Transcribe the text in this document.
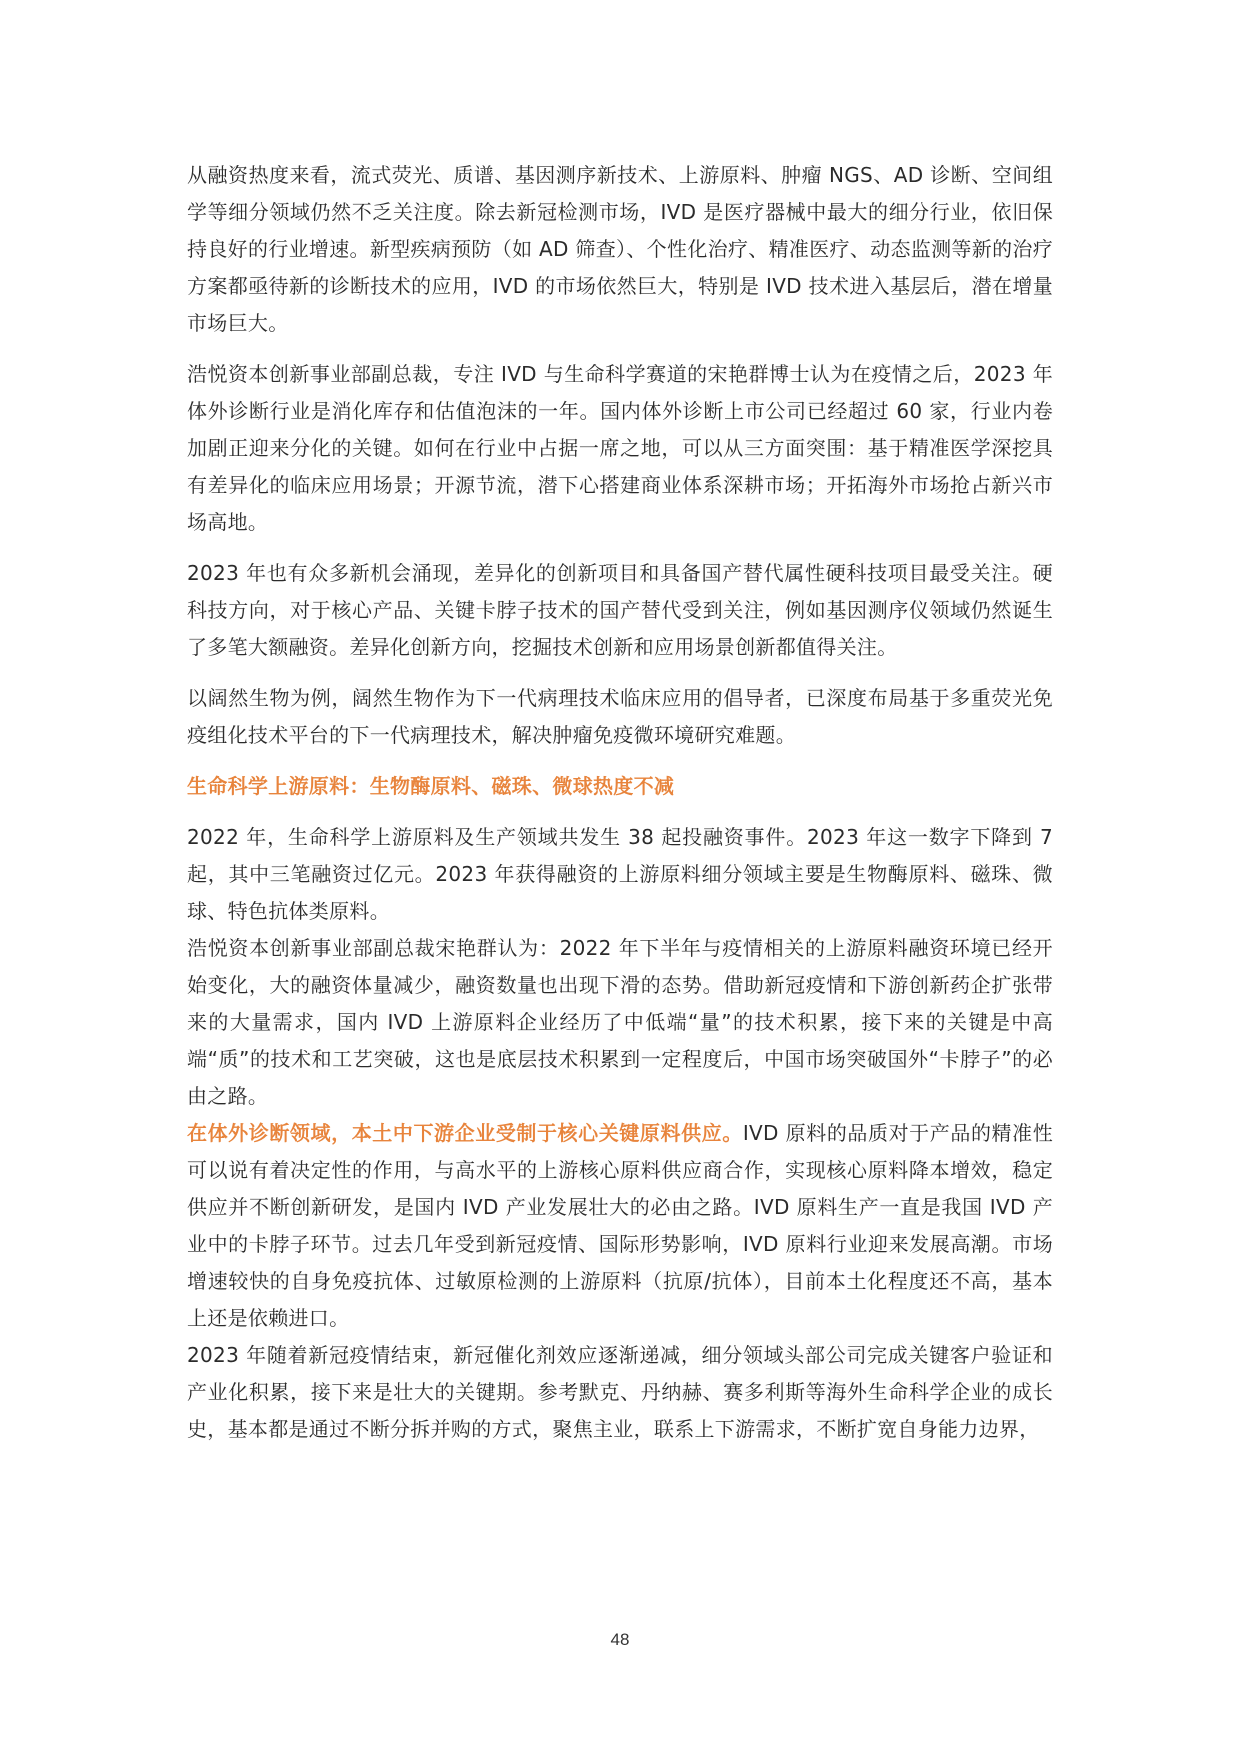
从融资热度来看，流式荧光、质谱、基因测序新技术、上游原料、肿瘤 NGS、AD 诊断、空间组学等细分领域仍然不乏关注度。除去新冠检测市场，IVD 是医疗器械中最大的细分行业，依旧保持良好的行业增速。新型疾病预防（如 AD 筛查）、个性化治疗、精准医疗、动态监测等新的治疗方案都亟待新的诊断技术的应用，IVD 的市场依然巨大，特别是 IVD 技术进入基层后，潜在增量市场巨大。

浩悦资本创新事业部副总裁，专注 IVD 与生命科学赛道的宋艳群博士认为在疫情之后，2023 年体外诊断行业是消化库存和估值泡沫的一年。国内体外诊断上市公司已经超过 60 家，行业内卷加剧正迎来分化的关键。如何在行业中占据一席之地，可以从三方面突围：基于精准医学深挖具有差异化的临床应用场景；开源节流，潜下心搭建商业体系深耕市场；开拓海外市场抢占新兴市场高地。

2023 年也有众多新机会涌现，差异化的创新项目和具备国产替代属性硬科技项目最受关注。硬科技方向，对于核心产品、关键卡脖子技术的国产替代受到关注，例如基因测序仪领域仍然诞生了多笔大额融资。差异化创新方向，挖掘技术创新和应用场景创新都值得关注。

以阔然生物为例，阔然生物作为下一代病理技术临床应用的倡导者，已深度布局基于多重荧光免疫组化技术平台的下一代病理技术，解决肿瘤免疫微环境研究难题。

生命科学上游原料：生物酶原料、磁珠、微球热度不减

2022 年，生命科学上游原料及生产领域共发生 38 起投融资事件。2023 年这一数字下降到 7 起，其中三笔融资过亿元。2023 年获得融资的上游原料细分领域主要是生物酶原料、磁珠、微球、特色抗体类原料。

浩悦资本创新事业部副总裁宋艳群认为：2022 年下半年与疫情相关的上游原料融资环境已经开始变化，大的融资体量减少，融资数量也出现下滑的态势。借助新冠疫情和下游创新药企扩张带来的大量需求，国内 IVD 上游原料企业经历了中低端“量”的技术积累，接下来的关键是中高端“质”的技术和工艺突破，这也是底层技术积累到一定程度后，中国市场突破国外“卡脖子”的必由之路。

在体外诊断领域，本土中下游企业受制于核心关键原料供应。IVD 原料的品质对于产品的精准性可以说有着决定性的作用，与高水平的上游核心原料供应商合作，实现核心原料降本增效，稳定供应并不断创新研发，是国内 IVD 产业发展壮大的必由之路。IVD 原料生产一直是我国 IVD 产业中的卡脖子环节。过去几年受到新冠疫情、国际形势影响，IVD 原料行业迎来发展高潮。市场增速较快的自身免疫抗体、过敏原检测的上游原料（抗原/抗体），目前本土化程度还不高，基本上还是依赖进口。

2023 年随着新冠疫情结束，新冠催化剂效应逐渐递减，细分领域头部公司完成关键客户验证和产业化积累，接下来是壮大的关键期。参考默克、丹纳赫、赛多利斯等海外生命科学企业的成长史，基本都是通过不断分拆并购的方式，聚焦主业，联系上下游需求，不断扩宽自身能力边界，

48
